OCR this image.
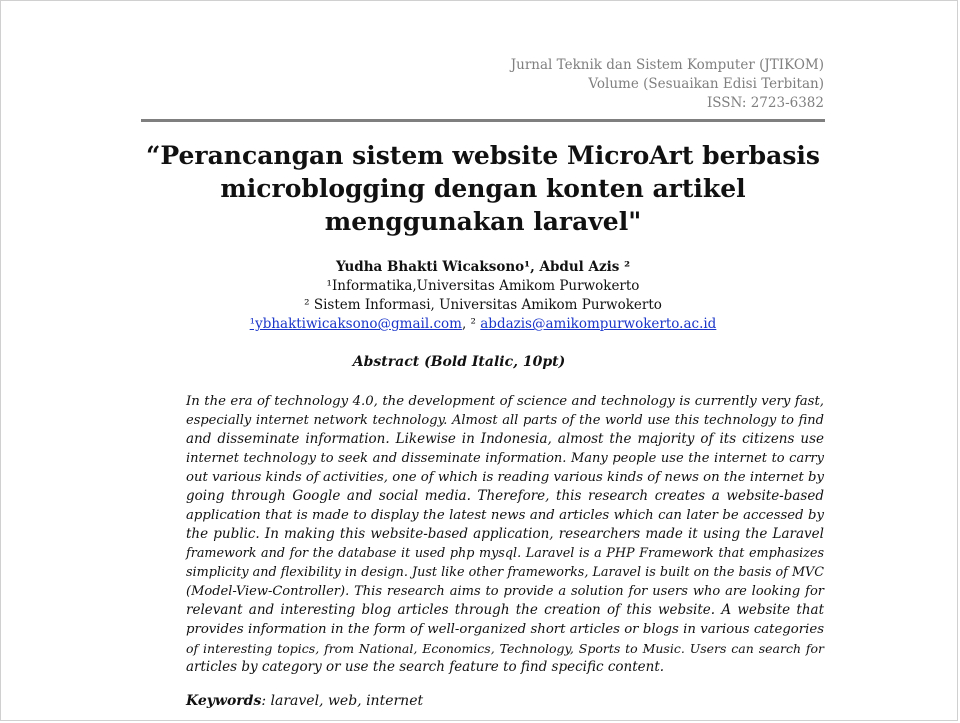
Jurnal Teknik dan Sistem Komputer (JTIKOM)
Volume (Sesuaikan Edisi Terbitan)
ISSN: 2723-6382
“Perancangan sistem website MicroArt berbasis
microblogging dengan konten artikel
menggunakan laravel"
Yudha Bhakti Wicaksono¹, Abdul Azis ²
¹Informatika,Universitas Amikom Purwokerto
² Sistem Informasi, Universitas Amikom Purwokerto
¹ybhaktiwicaksono@gmail.com, ² abdazis@amikompurwokerto.ac.id
Abstract (Bold Italic, 10pt)

In the era of technology 4.0, the development of science and technology is currently very fast,
especially internet network technology. Almost all parts of the world use this technology to find
and disseminate information. Likewise in Indonesia, almost the majority of its citizens use
internet technology to seek and disseminate information. Many people use the internet to carry
out various kinds of activities, one of which is reading various kinds of news on the internet by
going through Google and social media. Therefore, this research creates a website-based
application that is made to display the latest news and articles which can later be accessed by
the public. In making this website-based application, researchers made it using the Laravel
framework and for the database it used php mysql. Laravel is a PHP Framework that emphasizes
simplicity and flexibility in design. Just like other frameworks, Laravel is built on the basis of MVC
(Model-View-Controller). This research aims to provide a solution for users who are looking for
relevant and interesting blog articles through the creation of this website. A website that
provides information in the form of well-organized short articles or blogs in various categories
of interesting topics, from National, Economics, Technology, Sports to Music. Users can search for
articles by category or use the search feature to find specific content.

Keywords: laravel, web, internet
